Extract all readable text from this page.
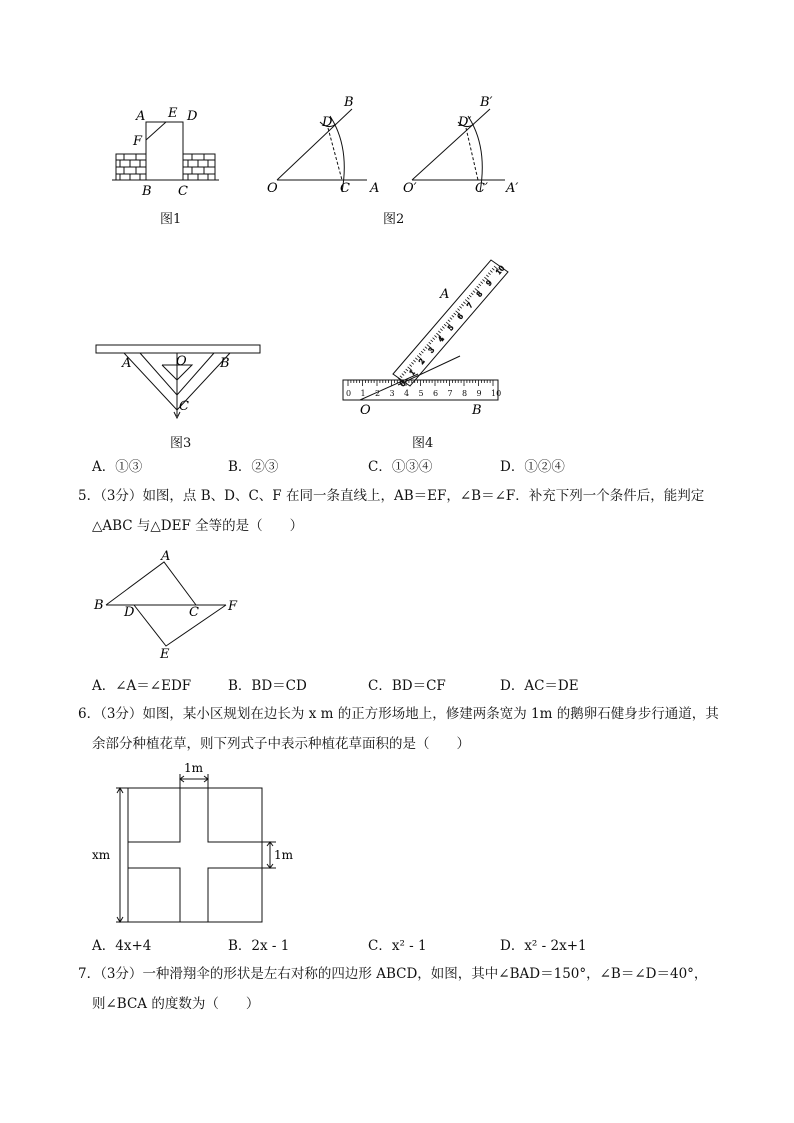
A E D
F
B C
图1
B
D
O	C A
图2
B′
D′
O′	C′ A′
A	O	B
C
图3
0
1
2
3
4
5
6
7
8
9
10
0 1 2 3 4 5 6 7 8 9 10
A
O	B
图4
A．①③	B．②③	C．①③④	D．①②④
5．（3分）如图，点 B、D、C、F 在同一条直线上，AB＝EF，∠B＝∠F．补充下列一个条件后，能判定
△ABC 与△DEF 全等的是（　　）
A
B D	C F
E
A．∠A＝∠EDF	B．BD＝CD	C．BD＝CF	D．AC＝DE
6．（3分）如图，某小区规划在边长为 x m 的正方形场地上，修建两条宽为 1m 的鹅卵石健身步行通道，其
余部分种植花草，则下列式子中表示种植花草面积的是（　　）
1m
xm	1m
A．4x+4	B．2x - 1	C．x² - 1	D．x² - 2x+1
7．（3分）一种滑翔伞的形状是左右对称的四边形 ABCD，如图，其中∠BAD＝150°，∠B＝∠D＝40°，
则∠BCA 的度数为（　　）
